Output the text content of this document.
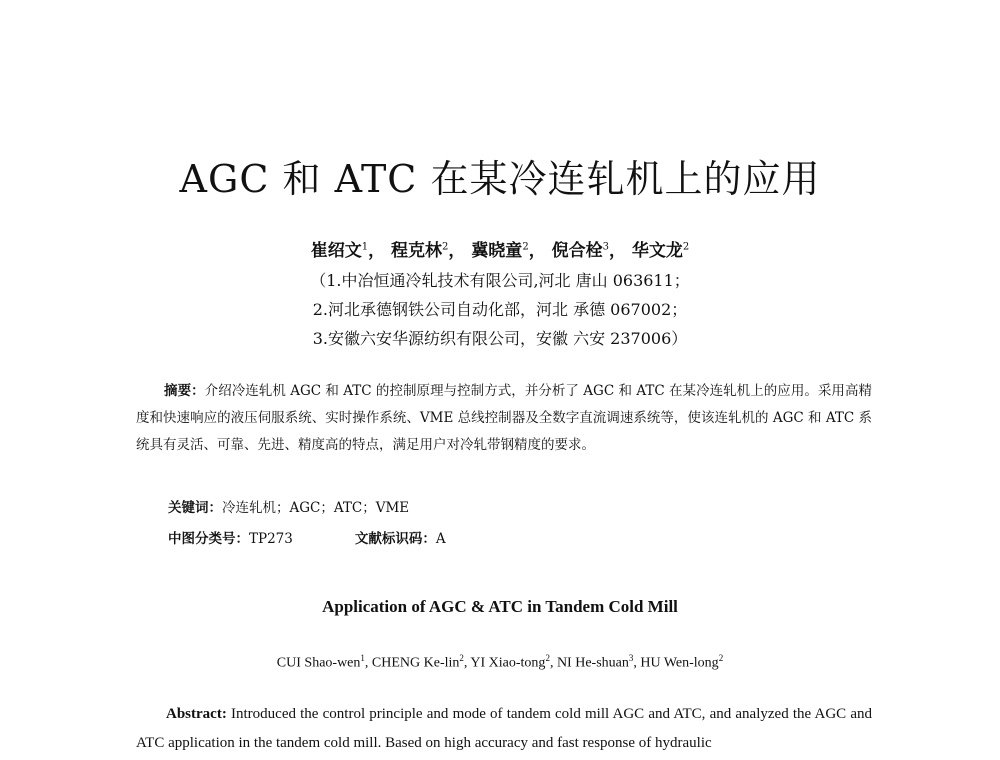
AGC 和 ATC 在某冷连轧机上的应用
崔绍文$^1$， 程克林$^2$， 冀晓童$^2$， 倪合栓$^3$， 华文龙$^2$
（1.中冶恒通冷轧技术有限公司,河北 唐山 063611；
2.河北承德钢铁公司自动化部，河北 承德 067002；
3.安徽六安华源纺织有限公司，安徽 六安 237006）
摘要：介绍冷连轧机 AGC 和 ATC 的控制原理与控制方式，并分析了 AGC 和 ATC 在某冷连轧机上的应用。采用高精度和快速响应的液压伺服系统、实时操作系统、VME 总线控制器及全数字直流调速系统等，使该连轧机的 AGC 和 ATC 系统具有灵活、可靠、先进、精度高的特点，满足用户对冷轧带钢精度的要求。
关键词：冷连轧机；AGC；ATC；VME
中图分类号：TP273	文献标识码：A
Application of AGC & ATC in Tandem Cold Mill
CUI Shao-wen$^1$, CHENG Ke-lin$^2$, YI Xiao-tong$^2$, NI He-shuan$^3$, HU Wen-long$^2$
Abstract: Introduced the control principle and mode of tandem cold mill AGC and ATC, and analyzed the AGC and ATC application in the tandem cold mill. Based on high accuracy and fast response of hydraulic
